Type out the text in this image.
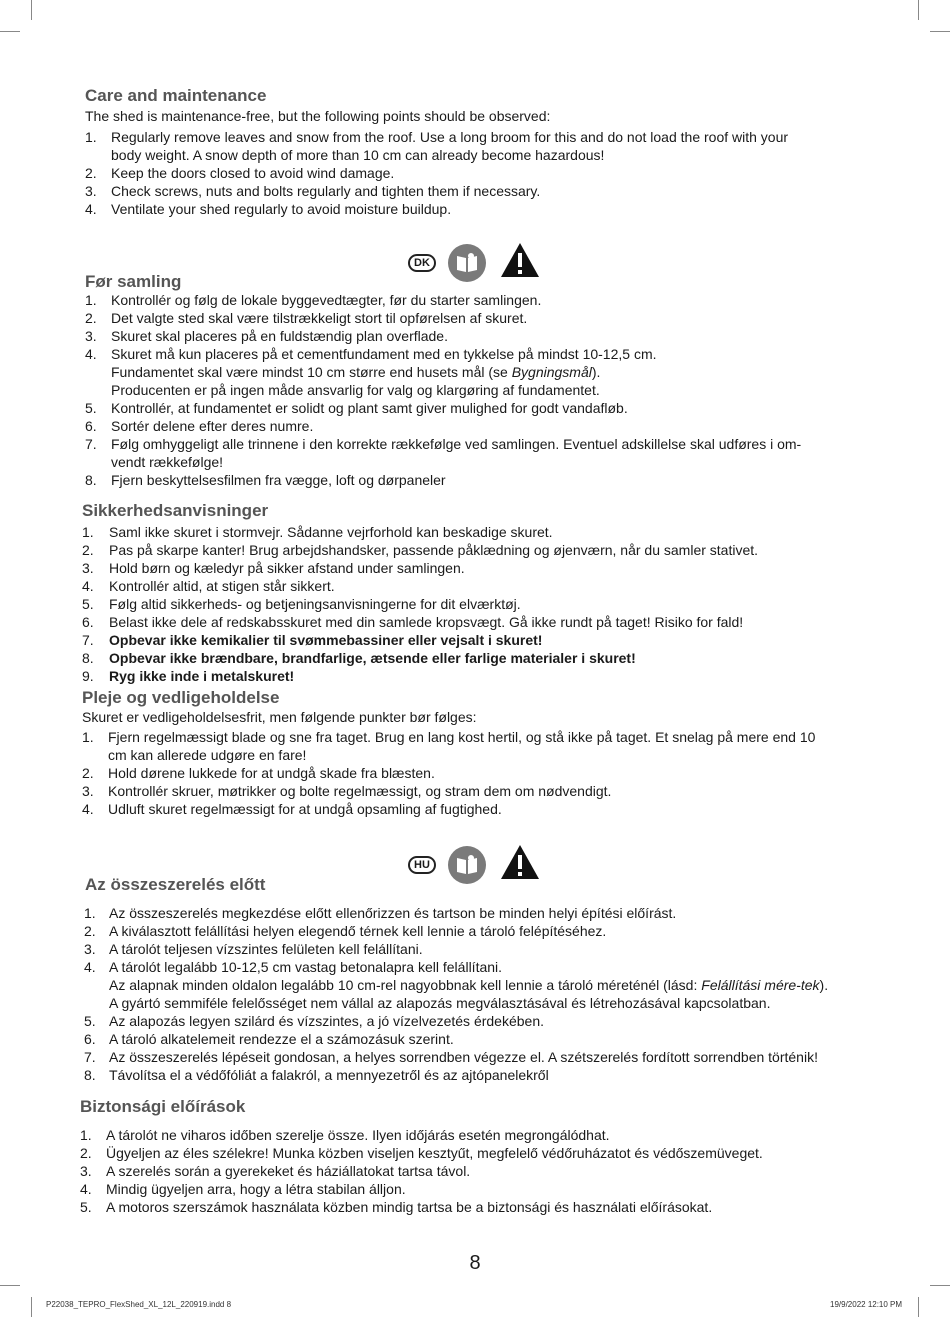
Care and maintenance
The shed is maintenance-free, but the following points should be observed:
1. Regularly remove leaves and snow from the roof. Use a long broom for this and do not load the roof with your
body weight. A snow depth of more than 10 cm can already become hazardous!
2. Keep the doors closed to avoid wind damage.
3. Check screws, nuts and bolts regularly and tighten them if necessary.
4. Ventilate your shed regularly to avoid moisture buildup.
DK
Før samling
1. Kontrollér og følg de lokale byggevedtægter, før du starter samlingen.
2. Det valgte sted skal være tilstrækkeligt stort til opførelsen af skuret.
3. Skuret skal placeres på en fuldstændig plan overflade.
4. Skuret må kun placeres på et cementfundament med en tykkelse på mindst 10-12,5 cm.
Fundamentet skal være mindst 10 cm større end husets mål (se Bygningsmål).
Producenten er på ingen måde ansvarlig for valg og klargøring af fundamentet.
5. Kontrollér, at fundamentet er solidt og plant samt giver mulighed for godt vandafløb.
6. Sortér delene efter deres numre.
7. Følg omhyggeligt alle trinnene i den korrekte rækkefølge ved samlingen. Eventuel adskillelse skal udføres i om-
vendt rækkefølge!
8. Fjern beskyttelsesfilmen fra vægge, loft og dørpaneler
Sikkerhedsanvisninger
1. Saml ikke skuret i stormvejr. Sådanne vejrforhold kan beskadige skuret.
2. Pas på skarpe kanter! Brug arbejdshandsker, passende påklædning og øjenværn, når du samler stativet.
3. Hold børn og kæledyr på sikker afstand under samlingen.
4. Kontrollér altid, at stigen står sikkert.
5. Følg altid sikkerheds- og betjeningsanvisningerne for dit elværktøj.
6. Belast ikke dele af redskabsskuret med din samlede kropsvægt. Gå ikke rundt på taget! Risiko for fald!
7. Opbevar ikke kemikalier til svømmebassiner eller vejsalt i skuret!
8. Opbevar ikke brændbare, brandfarlige, ætsende eller farlige materialer i skuret!
9. Ryg ikke inde i metalskuret!
Pleje og vedligeholdelse
Skuret er vedligeholdelsesfrit, men følgende punkter bør følges:
1. Fjern regelmæssigt blade og sne fra taget. Brug en lang kost hertil, og stå ikke på taget. Et snelag på mere end 10
cm kan allerede udgøre en fare!
2. Hold dørene lukkede for at undgå skade fra blæsten.
3. Kontrollér skruer, møtrikker og bolte regelmæssigt, og stram dem om nødvendigt.
4. Udluft skuret regelmæssigt for at undgå opsamling af fugtighed.
HU
Az összeszerelés előtt
1. Az összeszerelés megkezdése előtt ellenőrizzen és tartson be minden helyi építési előírást.
2. A kiválasztott felállítási helyen elegendő térnek kell lennie a tároló felépítéséhez.
3. A tárolót teljesen vízszintes felületen kell felállítani.
4. A tárolót legalább 10-12,5 cm vastag betonalapra kell felállítani.
Az alapnak minden oldalon legalább 10 cm-rel nagyobbnak kell lennie a tároló méreténél (lásd: Felállítási mére-tek).
A gyártó semmiféle felelősséget nem vállal az alapozás megválasztásával és létrehozásával kapcsolatban.
5. Az alapozás legyen szilárd és vízszintes, a jó vízelvezetés érdekében.
6. A tároló alkatelemeit rendezze el a számozásuk szerint.
7. Az összeszerelés lépéseit gondosan, a helyes sorrendben végezze el. A szétszerelés fordított sorrendben történik!
8. Távolítsa el a védőfóliát a falakról, a mennyezetről és az ajtópanelekről
Biztonsági előírások
1. A tárolót ne viharos időben szerelje össze. Ilyen időjárás esetén megrongálódhat.
2. Ügyeljen az éles szélekre! Munka közben viseljen kesztyűt, megfelelő védőruházatot és védőszemüveget.
3. A szerelés során a gyerekeket és háziállatokat tartsa távol.
4. Mindig ügyeljen arra, hogy a létra stabilan álljon.
5. A motoros szerszámok használata közben mindig tartsa be a biztonsági és használati előírásokat.
8
P22038_TEPRO_FlexShed_XL_12L_220919.indd 8	19/9/2022 12:10 PM
